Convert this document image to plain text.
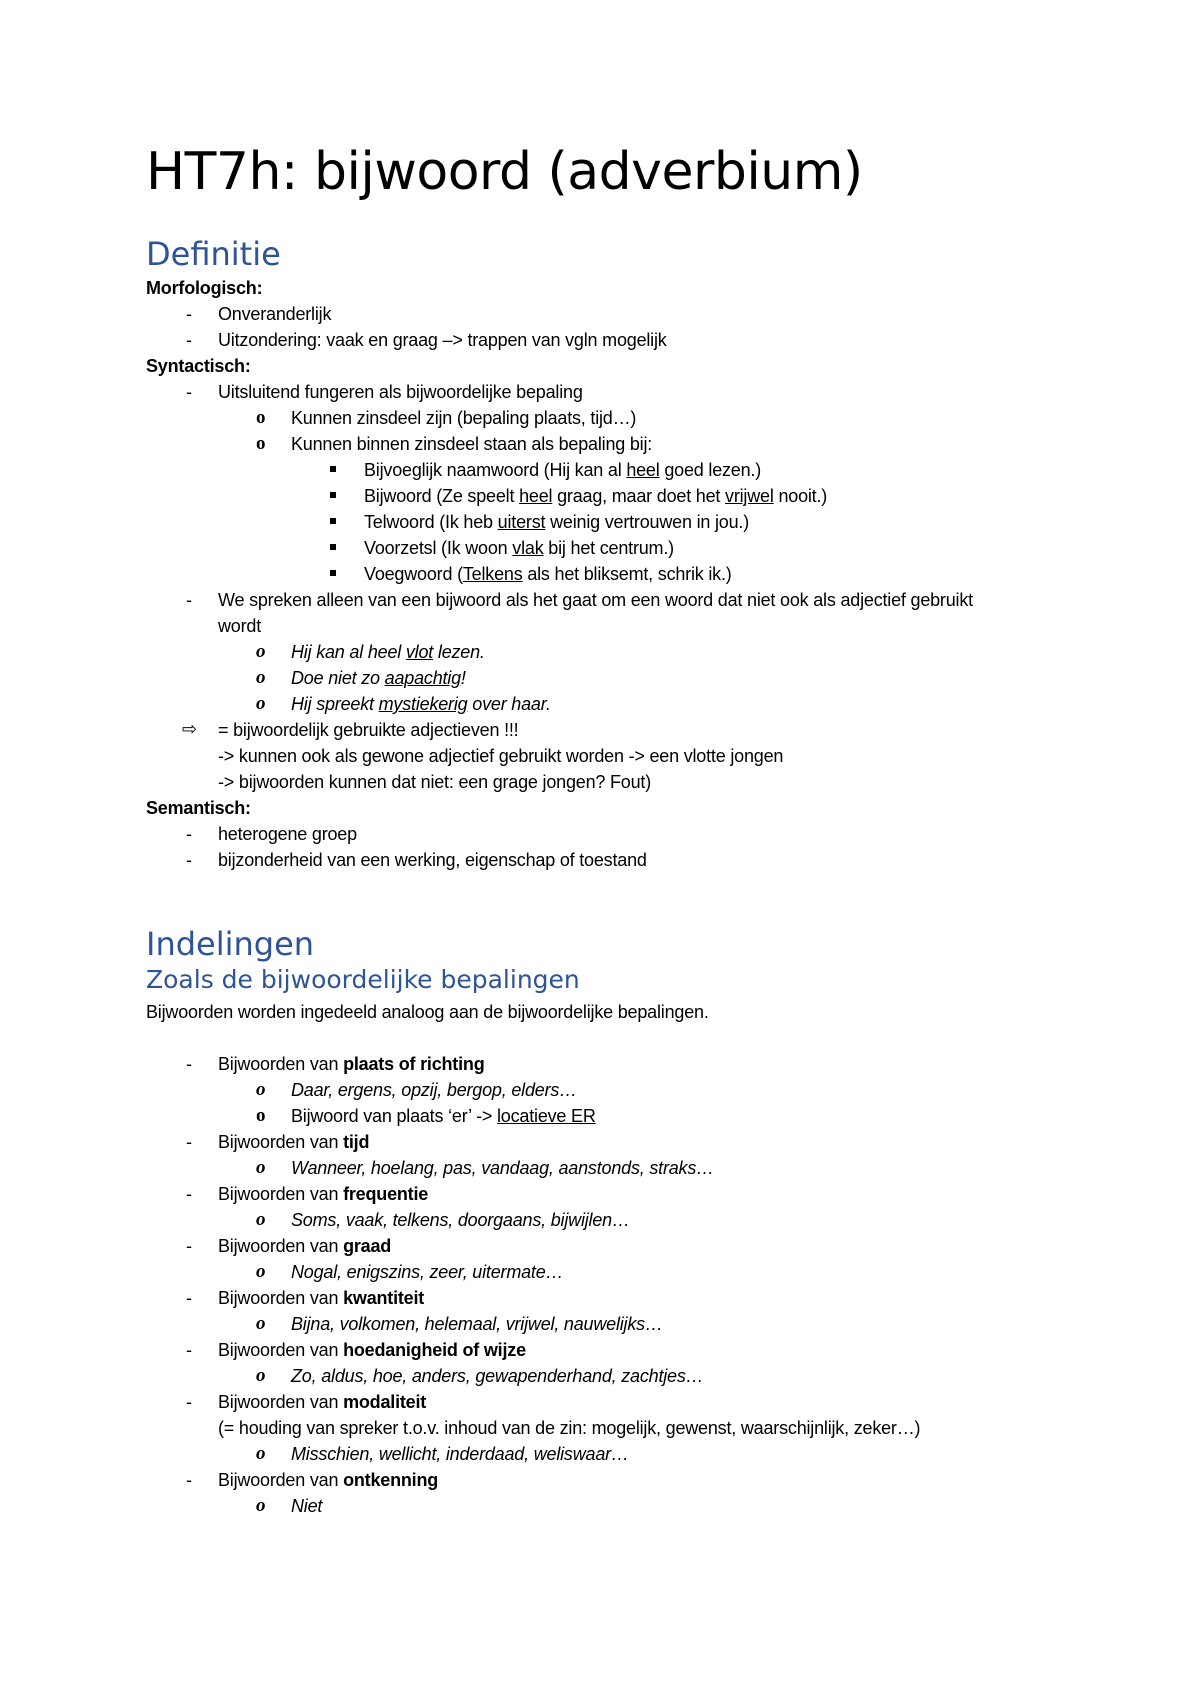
HT7h: bijwoord (adverbium)
Definitie
Morfologisch:
- Onveranderlijk
- Uitzondering: vaak en graag –> trappen van vgln mogelijk
Syntactisch:
- Uitsluitend fungeren als bijwoordelijke bepaling
o Kunnen zinsdeel zijn (bepaling plaats, tijd…)
o Kunnen binnen zinsdeel staan als bepaling bij:
Bijvoeglijk naamwoord (Hij kan al heel goed lezen.)
Bijwoord (Ze speelt heel graag, maar doet het vrijwel nooit.)
Telwoord (Ik heb uiterst weinig vertrouwen in jou.)
Voorzetsl (Ik woon vlak bij het centrum.)
Voegwoord (Telkens als het bliksemt, schrik ik.)
- We spreken alleen van een bijwoord als het gaat om een woord dat niet ook als adjectief gebruikt
wordt
o Hij kan al heel vlot lezen.
o Doe niet zo aapachtig!
o Hij spreekt mystiekerig over haar.
⇨ = bijwoordelijk gebruikte adjectieven !!!
-> kunnen ook als gewone adjectief gebruikt worden -> een vlotte jongen
-> bijwoorden kunnen dat niet: een grage jongen? Fout)
Semantisch:
- heterogene groep
- bijzonderheid van een werking, eigenschap of toestand
Indelingen
Zoals de bijwoordelijke bepalingen
Bijwoorden worden ingedeeld analoog aan de bijwoordelijke bepalingen.
- Bijwoorden van plaats of richting
o Daar, ergens, opzij, bergop, elders…
o Bijwoord van plaats ‘er’ -> locatieve ER
- Bijwoorden van tijd
o Wanneer, hoelang, pas, vandaag, aanstonds, straks…
- Bijwoorden van frequentie
o Soms, vaak, telkens, doorgaans, bijwijlen…
- Bijwoorden van graad
o Nogal, enigszins, zeer, uitermate…
- Bijwoorden van kwantiteit
o Bijna, volkomen, helemaal, vrijwel, nauwelijks…
- Bijwoorden van hoedanigheid of wijze
o Zo, aldus, hoe, anders, gewapenderhand, zachtjes…
- Bijwoorden van modaliteit
(= houding van spreker t.o.v. inhoud van de zin: mogelijk, gewenst, waarschijnlijk, zeker…)
o Misschien, wellicht, inderdaad, weliswaar…
- Bijwoorden van ontkenning
o Niet
